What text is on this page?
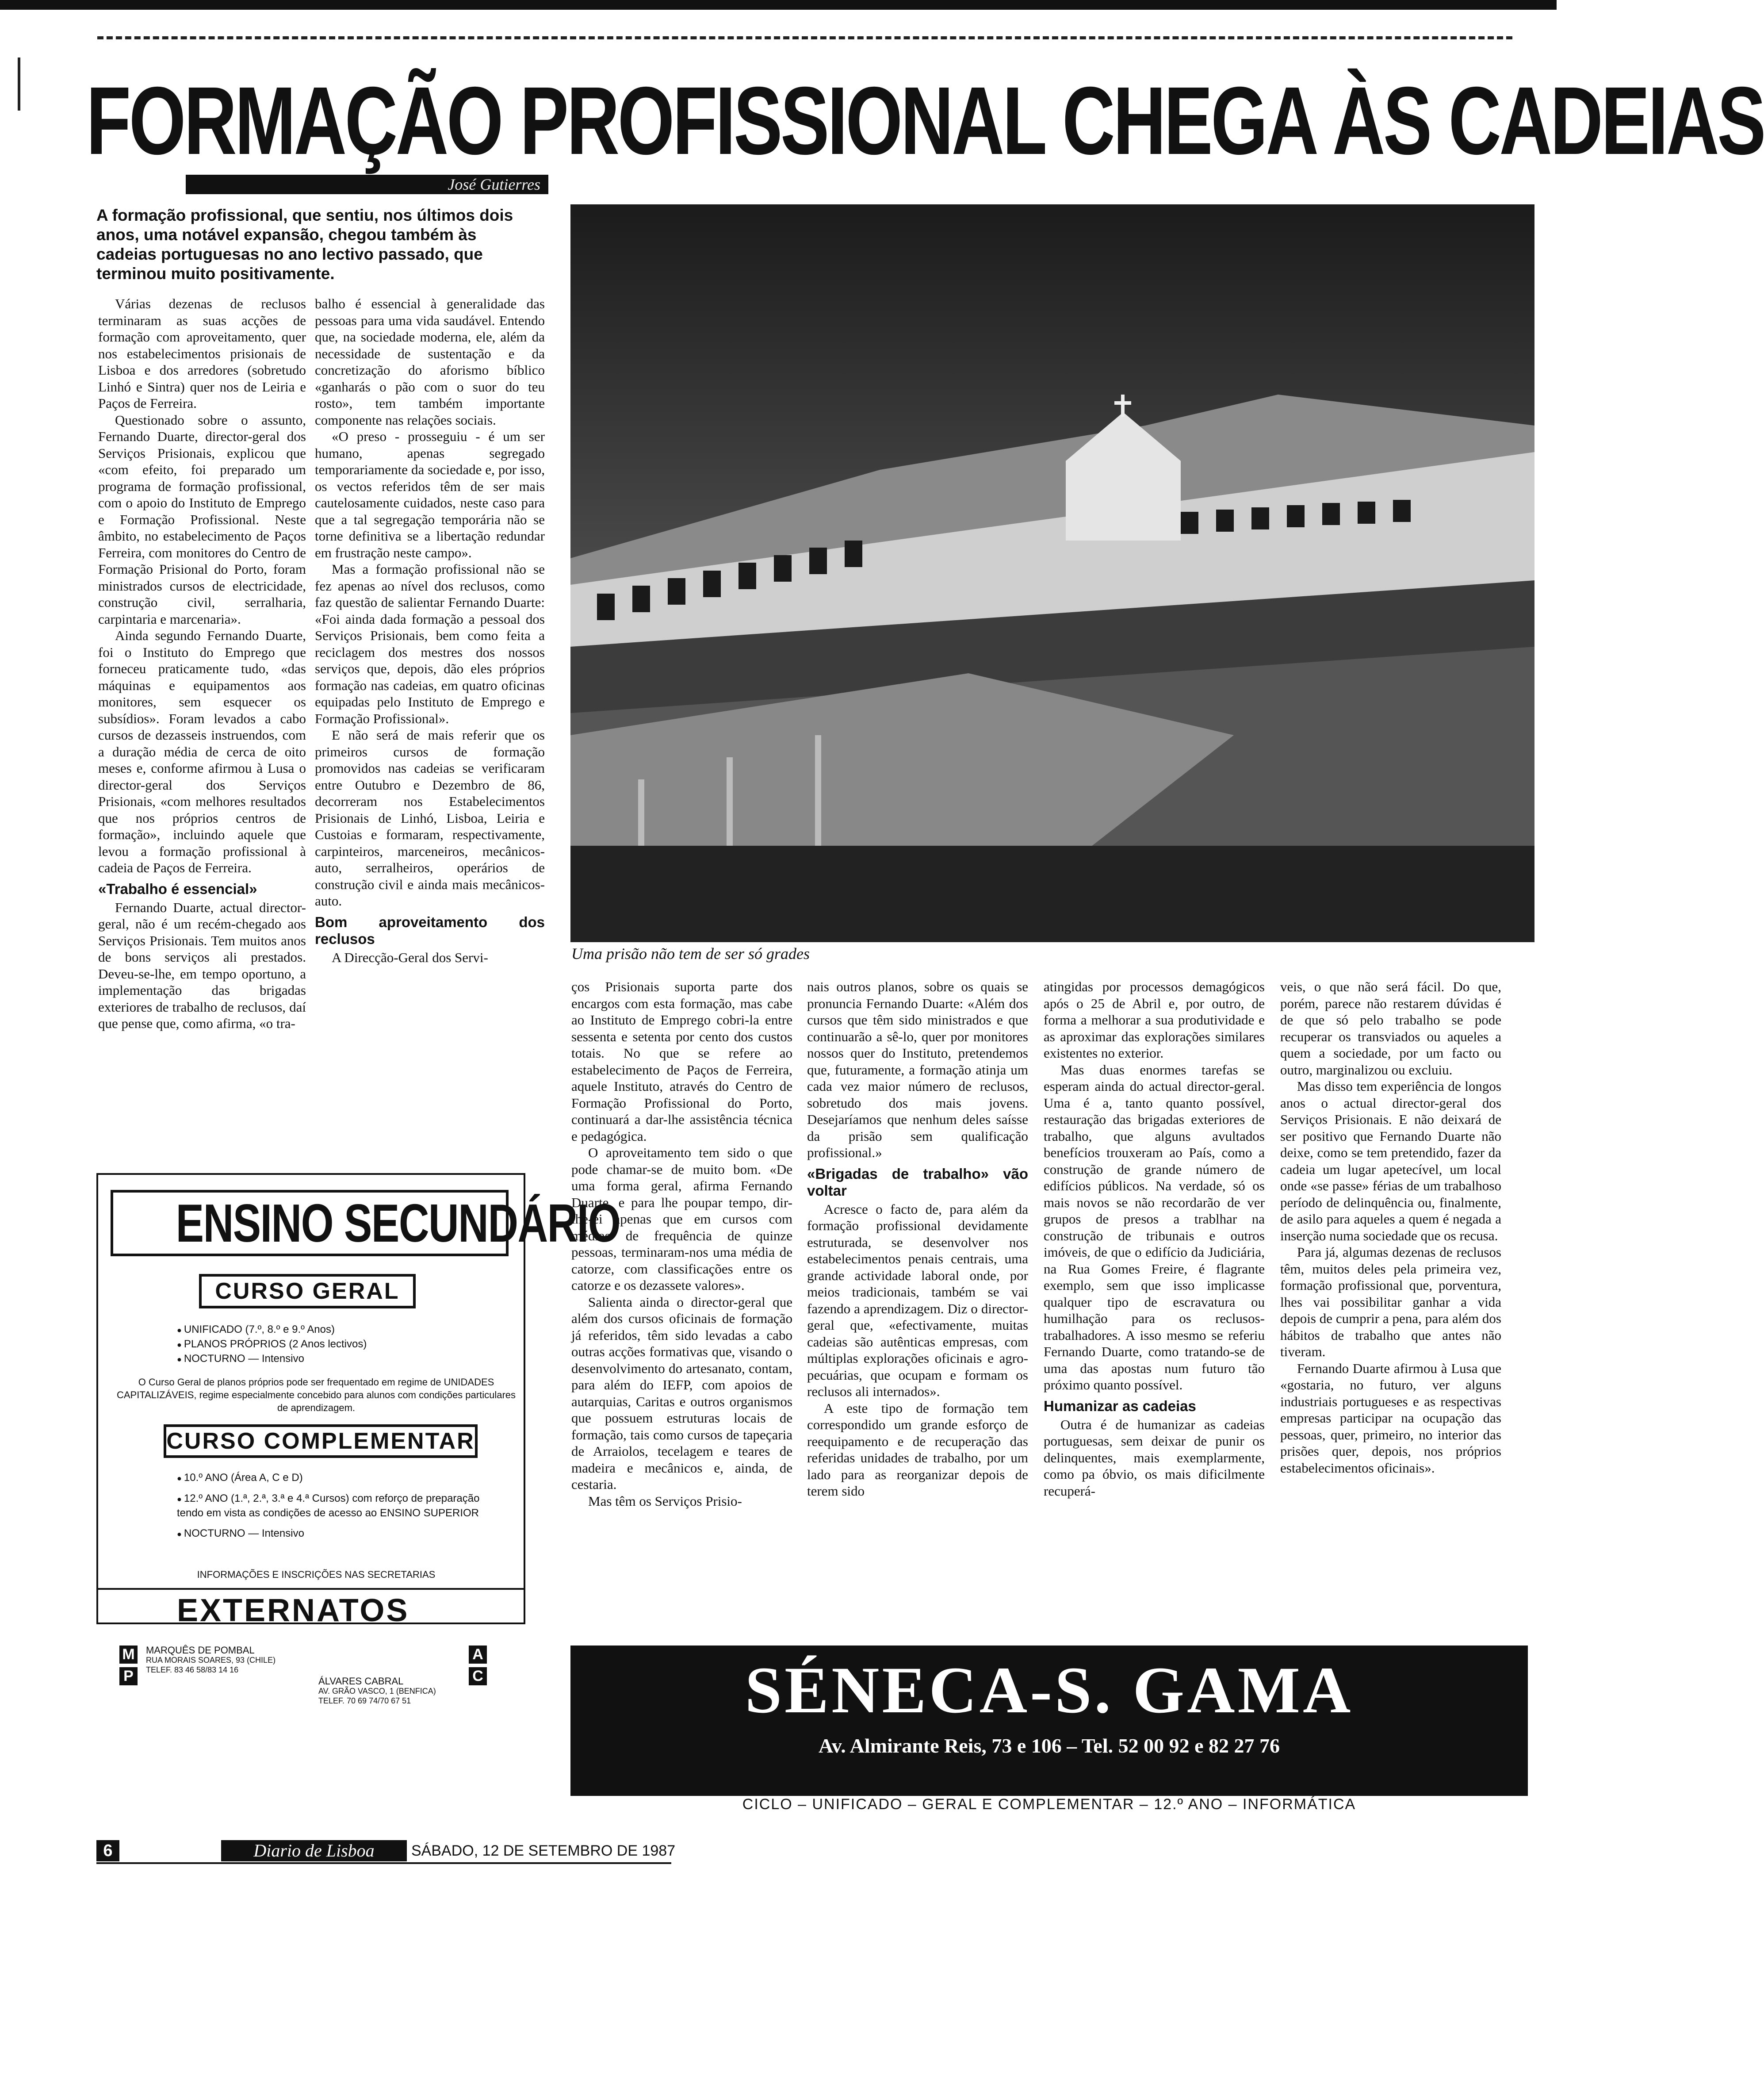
FORMAÇÃO PROFISSIONAL CHEGA ÀS CADEIAS
José Gutierres
A formação profissional, que sentiu, nos últimos dois anos, uma notável expansão, chegou também às cadeias portuguesas no ano lectivo passado, que terminou muito positivamente.

Várias dezenas de reclusos terminaram as suas acções de formação com aproveitamento, quer nos estabelecimentos prisionais de Lisboa e dos arredores (sobretudo Linhó e Sintra) quer nos de Leiria e Paços de Ferreira.

Questionado sobre o assunto, Fernando Duarte, director-geral dos Serviços Prisionais, explicou que «com efeito, foi preparado um programa de formação profissional, com o apoio do Instituto de Emprego e Formação Profissional. Neste âmbito, no estabelecimento de Paços Ferreira, com monitores do Centro de Formação Prisional do Porto, foram ministrados cursos de electricidade, construção civil, serralharia, carpintaria e marcenaria».

Ainda segundo Fernando Duarte, foi o Instituto do Emprego que forneceu praticamente tudo, «das máquinas e equipamentos aos monitores, sem esquecer os subsídios». Foram levados a cabo cursos de dezasseis instruendos, com a duração média de cerca de oito meses e, conforme afirmou à Lusa o director-geral dos Serviços Prisionais, «com melhores resultados que nos próprios centros de formação», incluindo aquele que levou a formação profissional à cadeia de Paços de Ferreira.

«Trabalho é essencial»

Fernando Duarte, actual director-geral, não é um recém-chegado aos Serviços Prisionais. Tem muitos anos de bons serviços ali prestados. Deveu-se-lhe, em tempo oportuno, a implementação das brigadas exteriores de trabalho de reclusos, daí que pense que, como afirma, «o tra-

balho é essencial à generalidade das pessoas para uma vida saudável. Entendo que, na sociedade moderna, ele, além da necessidade de sustentação e da concretização do aforismo bíblico «ganharás o pão com o suor do teu rosto», tem também importante componente nas relações sociais.

«O preso - prosseguiu - é um ser humano, apenas segregado temporariamente da sociedade e, por isso, os vectos referidos têm de ser mais cautelosamente cuidados, neste caso para que a tal segregação temporária não se torne definitiva se a libertação redundar em frustração neste campo».

Mas a formação profissional não se fez apenas ao nível dos reclusos, como faz questão de salientar Fernando Duarte: «Foi ainda dada formação a pessoal dos Serviços Prisionais, bem como feita a reciclagem dos mestres dos nossos serviços que, depois, dão eles próprios formação nas cadeias, em quatro oficinas equipadas pelo Instituto de Emprego e Formação Profissional».

E não será de mais referir que os primeiros cursos de formação promovidos nas cadeias se verificaram entre Outubro e Dezembro de 86, decorreram nos Estabelecimentos Prisionais de Linhó, Lisboa, Leiria e Custoias e formaram, respectivamente, carpinteiros, marceneiros, mecânicos-auto, serralheiros, operários de construção civil e ainda mais mecânicos-auto.

Bom aproveitamento dos reclusos

A Direcção-Geral dos Servi-	Uma prisão não tem de ser só grades

ços Prisionais suporta parte dos encargos com esta formação, mas cabe ao Instituto de Emprego cobri-la entre sessenta e setenta por cento dos custos totais. No que se refere ao estabelecimento de Paços de Ferreira, aquele Instituto, através do Centro de Formação Profissional do Porto, continuará a dar-lhe assistência técnica e pedagógica.

O aproveitamento tem sido o que pode chamar-se de muito bom. «De uma forma geral, afirma Fernando Duarte, e para lhe poupar tempo, dir-lhe-ei apenas que em cursos com médias de frequência de quinze pessoas, terminaram-nos uma média de catorze, com classificações entre os catorze e os dezassete valores».

Salienta ainda o director-geral que além dos cursos oficinais de formação já referidos, têm sido levadas a cabo outras acções formativas que, visando o desenvolvimento do artesanato, contam, para além do IEFP, com apoios de autarquias, Caritas e outros organismos que possuem estruturas locais de formação, tais como cursos de tapeçaria de Arraiolos, tecelagem e teares de madeira e mecânicos e, ainda, de cestaria.

Mas têm os Serviços Prisio-

nais outros planos, sobre os quais se pronuncia Fernando Duarte: «Além dos cursos que têm sido ministrados e que continuarão a sê-lo, quer por monitores nossos quer do Instituto, pretendemos que, futuramente, a formação atinja um cada vez maior número de reclusos, sobretudo dos mais jovens. Desejaríamos que nenhum deles saísse da prisão sem qualificação profissional.»

«Brigadas de trabalho» vão voltar

Acresce o facto de, para além da formação profissional devidamente estruturada, se desenvolver nos estabelecimentos penais centrais, uma grande actividade laboral onde, por meios tradicionais, também se vai fazendo a aprendizagem. Diz o director-geral que, «efectivamente, muitas cadeias são autênticas empresas, com múltiplas explorações oficinais e agro-pecuárias, que ocupam e formam os reclusos ali internados».

A este tipo de formação tem correspondido um grande esforço de reequipamento e de recuperação das referidas unidades de trabalho, por um lado para as reorganizar depois de terem sido

atingidas por processos demagógicos após o 25 de Abril e, por outro, de forma a melhorar a sua produtividade e as aproximar das explorações similares existentes no exterior.

Mas duas enormes tarefas se esperam ainda do actual director-geral. Uma é a, tanto quanto possível, restauração das brigadas exteriores de trabalho, que alguns avultados benefícios trouxeram ao País, como a construção de grande número de edifícios públicos. Na verdade, só os mais novos se não recordarão de ver grupos de presos a trablhar na construção de tribunais e outros imóveis, de que o edifício da Judiciária, na Rua Gomes Freire, é flagrante exemplo, sem que isso implicasse qualquer tipo de escravatura ou humilhação para os reclusos-trabalhadores. A isso mesmo se referiu Fernando Duarte, como tratando-se de uma das apostas num futuro tão próximo quanto possível.

Humanizar as cadeias

Outra é de humanizar as cadeias portuguesas, sem deixar de punir os delinquentes, mais exemplarmente, como pa óbvio, os mais dificilmente recuperá-

veis, o que não será fácil. Do que, porém, parece não restarem dúvidas é de que só pelo trabalho se pode recuperar os transviados ou aqueles a quem a sociedade, por um facto ou outro, marginalizou ou excluiu.

Mas disso tem experiência de longos anos o actual director-geral dos Serviços Prisionais. E não deixará de ser positivo que Fernando Duarte não deixe, como se tem pretendido, fazer da cadeia um lugar apetecível, um local onde «se passe» férias de um trabalhoso período de delinquência ou, finalmente, de asilo para aqueles a quem é negada a inserção numa sociedade que os recusa.

Para já, algumas dezenas de reclusos têm, muitos deles pela primeira vez, formação profissional que, porventura, lhes vai possibilitar ganhar a vida depois de cumprir a pena, para além dos hábitos de trabalho que antes não tiveram.

Fernando Duarte afirmou à Lusa que «gostaria, no futuro, ver alguns industriais portugueses e as respectivas empresas participar na ocupação das pessoas, quer, primeiro, no interior das prisões quer, depois, nos próprios estabelecimentos oficinais».

ENSINO SECUNDÁRIO
CURSO GERAL
● UNIFICADO (7.º, 8.º e 9.º Anos)
● PLANOS PRÓPRIOS (2 Anos lectivos)
● NOCTURNO — Intensivo
O Curso Geral de planos próprios pode ser frequentado em regime de UNIDADES CAPITALIZÁVEIS, regime especialmente concebido para alunos com condições particulares de aprendizagem.
CURSO COMPLEMENTAR
● 10.º ANO (Área A, C e D)
● 12.º ANO (1.ª, 2.ª, 3.ª e 4.ª Cursos) com reforço de preparação tendo em vista as condições de acesso ao ENSINO SUPERIOR
● NOCTURNO — Intensivo
INFORMAÇÕES E INSCRIÇÕES NAS SECRETARIAS
EXTERNATOS
M
P
MARQUÊS DE POMBAL
RUA MORAIS SOARES, 93 (CHILE)
TELEF. 83 46 58/83 14 16
ÁLVARES CABRAL
AV. GRÃO VASCO, 1 (BENFICA)
TELEF. 70 69 74/70 67 51
A
C	SÉNECA-S. GAMA
Av. Almirante Reis, 73 e 106 – Tel. 52 00 92 e 82 27 76
CICLO – UNIFICADO – GERAL E COMPLEMENTAR – 12.º ANO – INFORMÁTICA
6	Diario de Lisboa	SÁBADO, 12 DE SETEMBRO DE 1987
